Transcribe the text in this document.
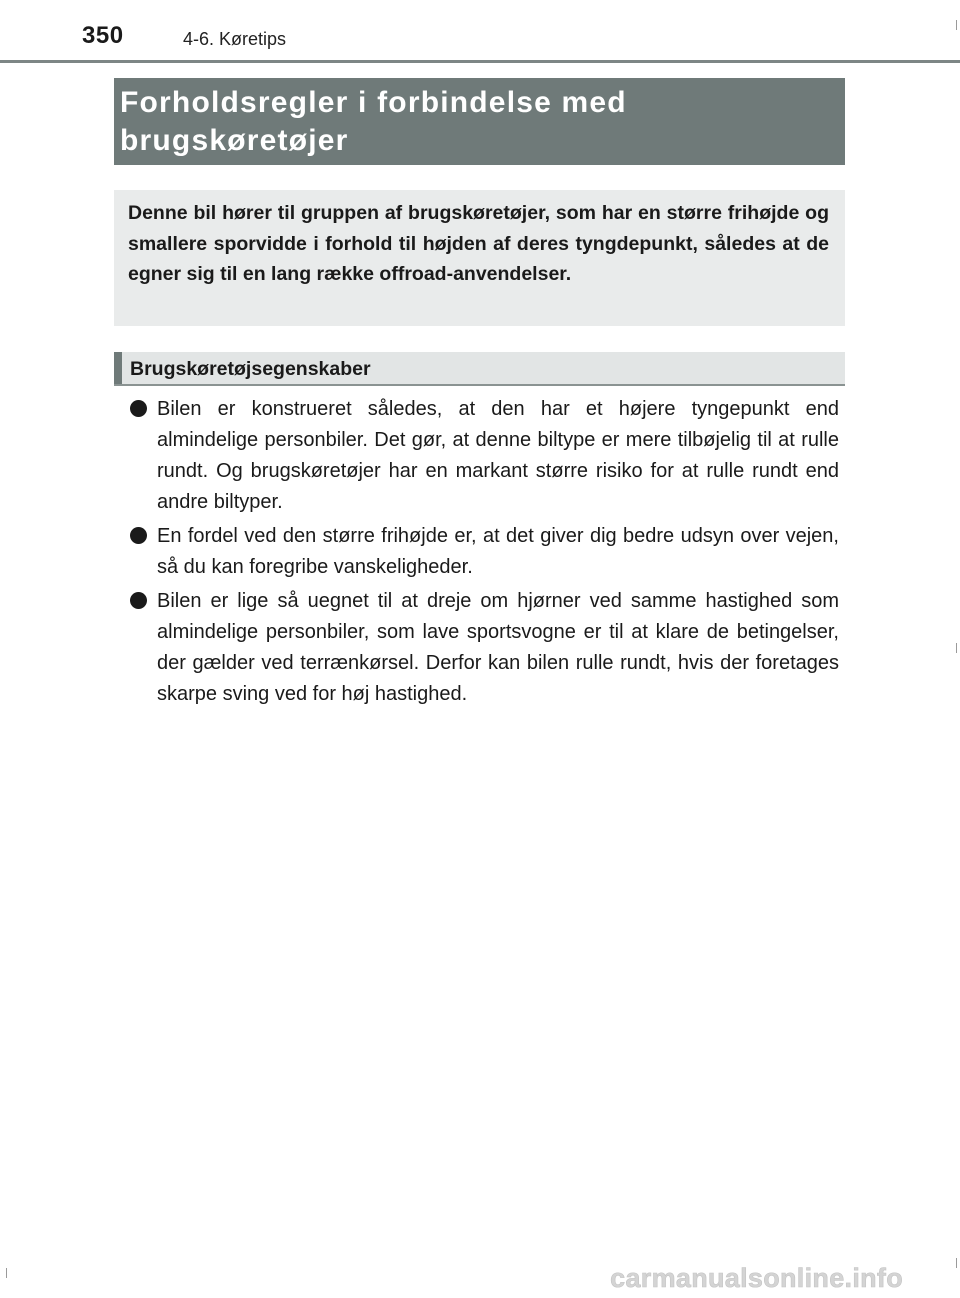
350	4-6. Køretips
Forholdsregler i forbindelse med brugskøretøjer

Denne bil hører til gruppen af brugskøretøjer, som har en større frihøjde og smallere sporvidde i forhold til højden af deres tyngdepunkt, således at de egner sig til en lang række offroad-anvendelser.

Brugskøretøjsegenskaber
Bilen er konstrueret således, at den har et højere tyngepunkt end almindelige personbiler. Det gør, at denne biltype er mere tilbøjelig til at rulle rundt. Og brugskøretøjer har en markant større risiko for at rulle rundt end andre biltyper.
En fordel ved den større frihøjde er, at det giver dig bedre udsyn over vejen, så du kan foregribe vanskeligheder.
Bilen er lige så uegnet til at dreje om hjørner ved samme hastighed som almindelige personbiler, som lave sportsvogne er til at klare de betingelser, der gælder ved terrænkørsel. Derfor kan bilen rulle rundt, hvis der foretages skarpe sving ved for høj hastighed.
carmanualsonline.info
